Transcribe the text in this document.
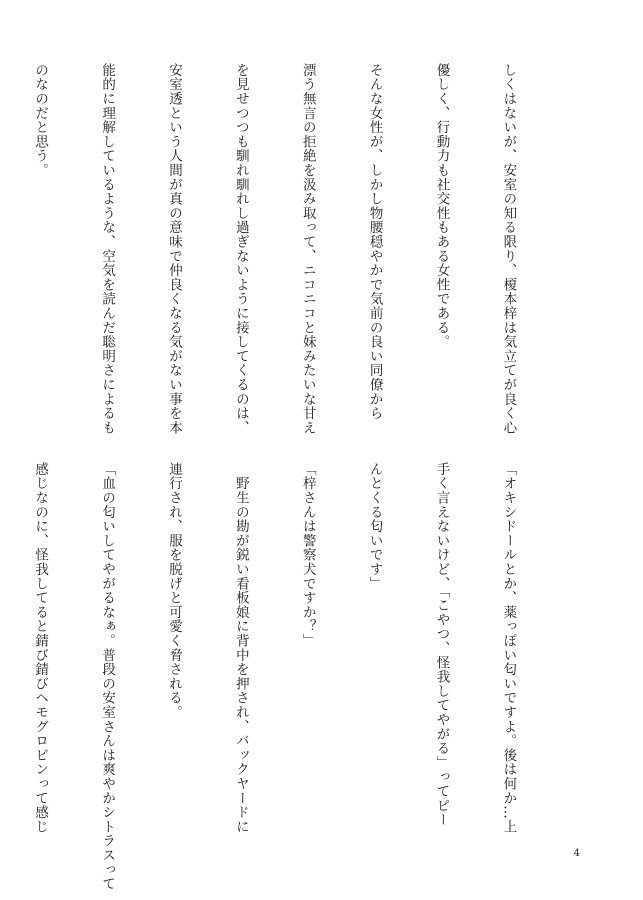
しくはないが、安室の知る限り、榎本梓は気立てが良く心

優しく、行動力も社交性もある女性である。

そんな女性が、しかし物腰穏やかで気前の良い同僚から

漂う無言の拒絶を汲み取って、ニコニコと妹みたいな甘え

を見せつつも馴れ馴れし過ぎないように接してくるのは、

安室透という人間が真の意味で仲良くなる気がない事を本

能的に理解しているような、空気を読んだ聡明さによるも

のなのだと思う。

「オキシドールとか、薬っぽい匂いですよ。後は何か…上

手く言えないけど、「こやつ、怪我してやがる」ってピー

んとくる匂いです」

「梓さんは警察犬ですか？」

　野生の勘が鋭い看板娘に背中を押され、バックヤードに

連行され、服を脱げと可愛く脅される。

「血の匂いしてやがるなぁ。普段の安室さんは爽やかシトラスって

感じなのに、怪我してると錆び錆びヘモグロビンって感じ

4
